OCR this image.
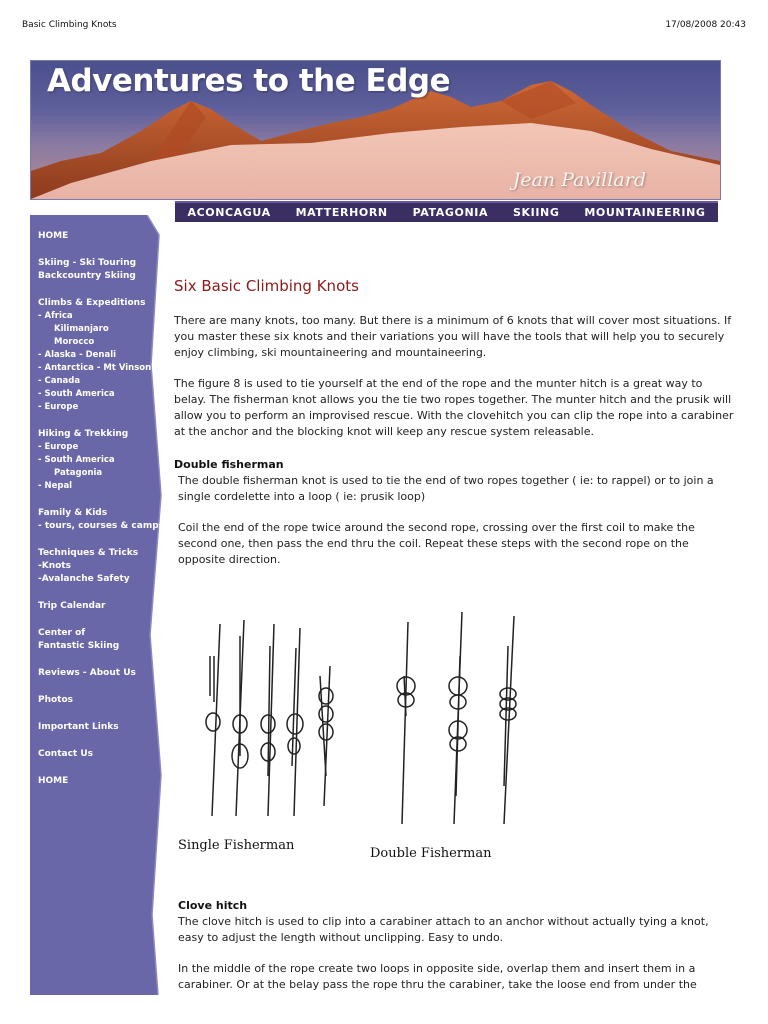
Basic Climbing Knots	17/08/2008 20:43
Adventures to the Edge
Jean Pavillard
ACONCAGUA MATTERHORN PATAGONIA SKIING MOUNTAINEERING
HOME
Skiing - Ski Touring
Backcountry Skiing
Climbs & Expeditions
- Africa
Kilimanjaro
Morocco
- Alaska - Denali
- Antarctica - Mt Vinson
- Canada
- South America
- Europe
Hiking & Trekking
- Europe
- South America
Patagonia
- Nepal
Family & Kids
- tours, courses & camps
Techniques & Tricks
-Knots
-Avalanche Safety
Trip Calendar
Center of
Fantastic Skiing
Reviews - About Us
Photos
Important Links
Contact Us
HOME
Six Basic Climbing Knots

There are many knots, too many. But there is a minimum of 6 knots that will cover most situations. If you master these six knots and their variations you will have the tools that will help you to securely enjoy climbing, ski mountaineering and mountaineering.

The figure 8 is used to tie yourself at the end of the rope and the munter hitch is a great way to belay. The fisherman knot allows you the tie two ropes together. The munter hitch and the prusik will allow you to perform an improvised rescue. With the clovehitch you can clip the rope into a carabiner at the anchor and the blocking knot will keep any rescue system releasable.

Double fisherman

The double fisherman knot is used to tie the end of two ropes together ( ie: to rappel) or to join a single cordelette into a loop ( ie: prusik loop)

Coil the end of the rope twice around the second rope, crossing over the first coil to make the second one, then pass the end thru the coil. Repeat these steps with the second rope on the opposite direction.

Single Fisherman
Double Fisherman
Clove hitch

The clove hitch is used to clip into a carabiner attach to an anchor without actually tying a knot, easy to adjust the length without unclipping. Easy to undo.

In the middle of the rope create two loops in opposite side, overlap them and insert them in a carabiner. Or at the belay pass the rope thru the carabiner, take the loose end from under the
